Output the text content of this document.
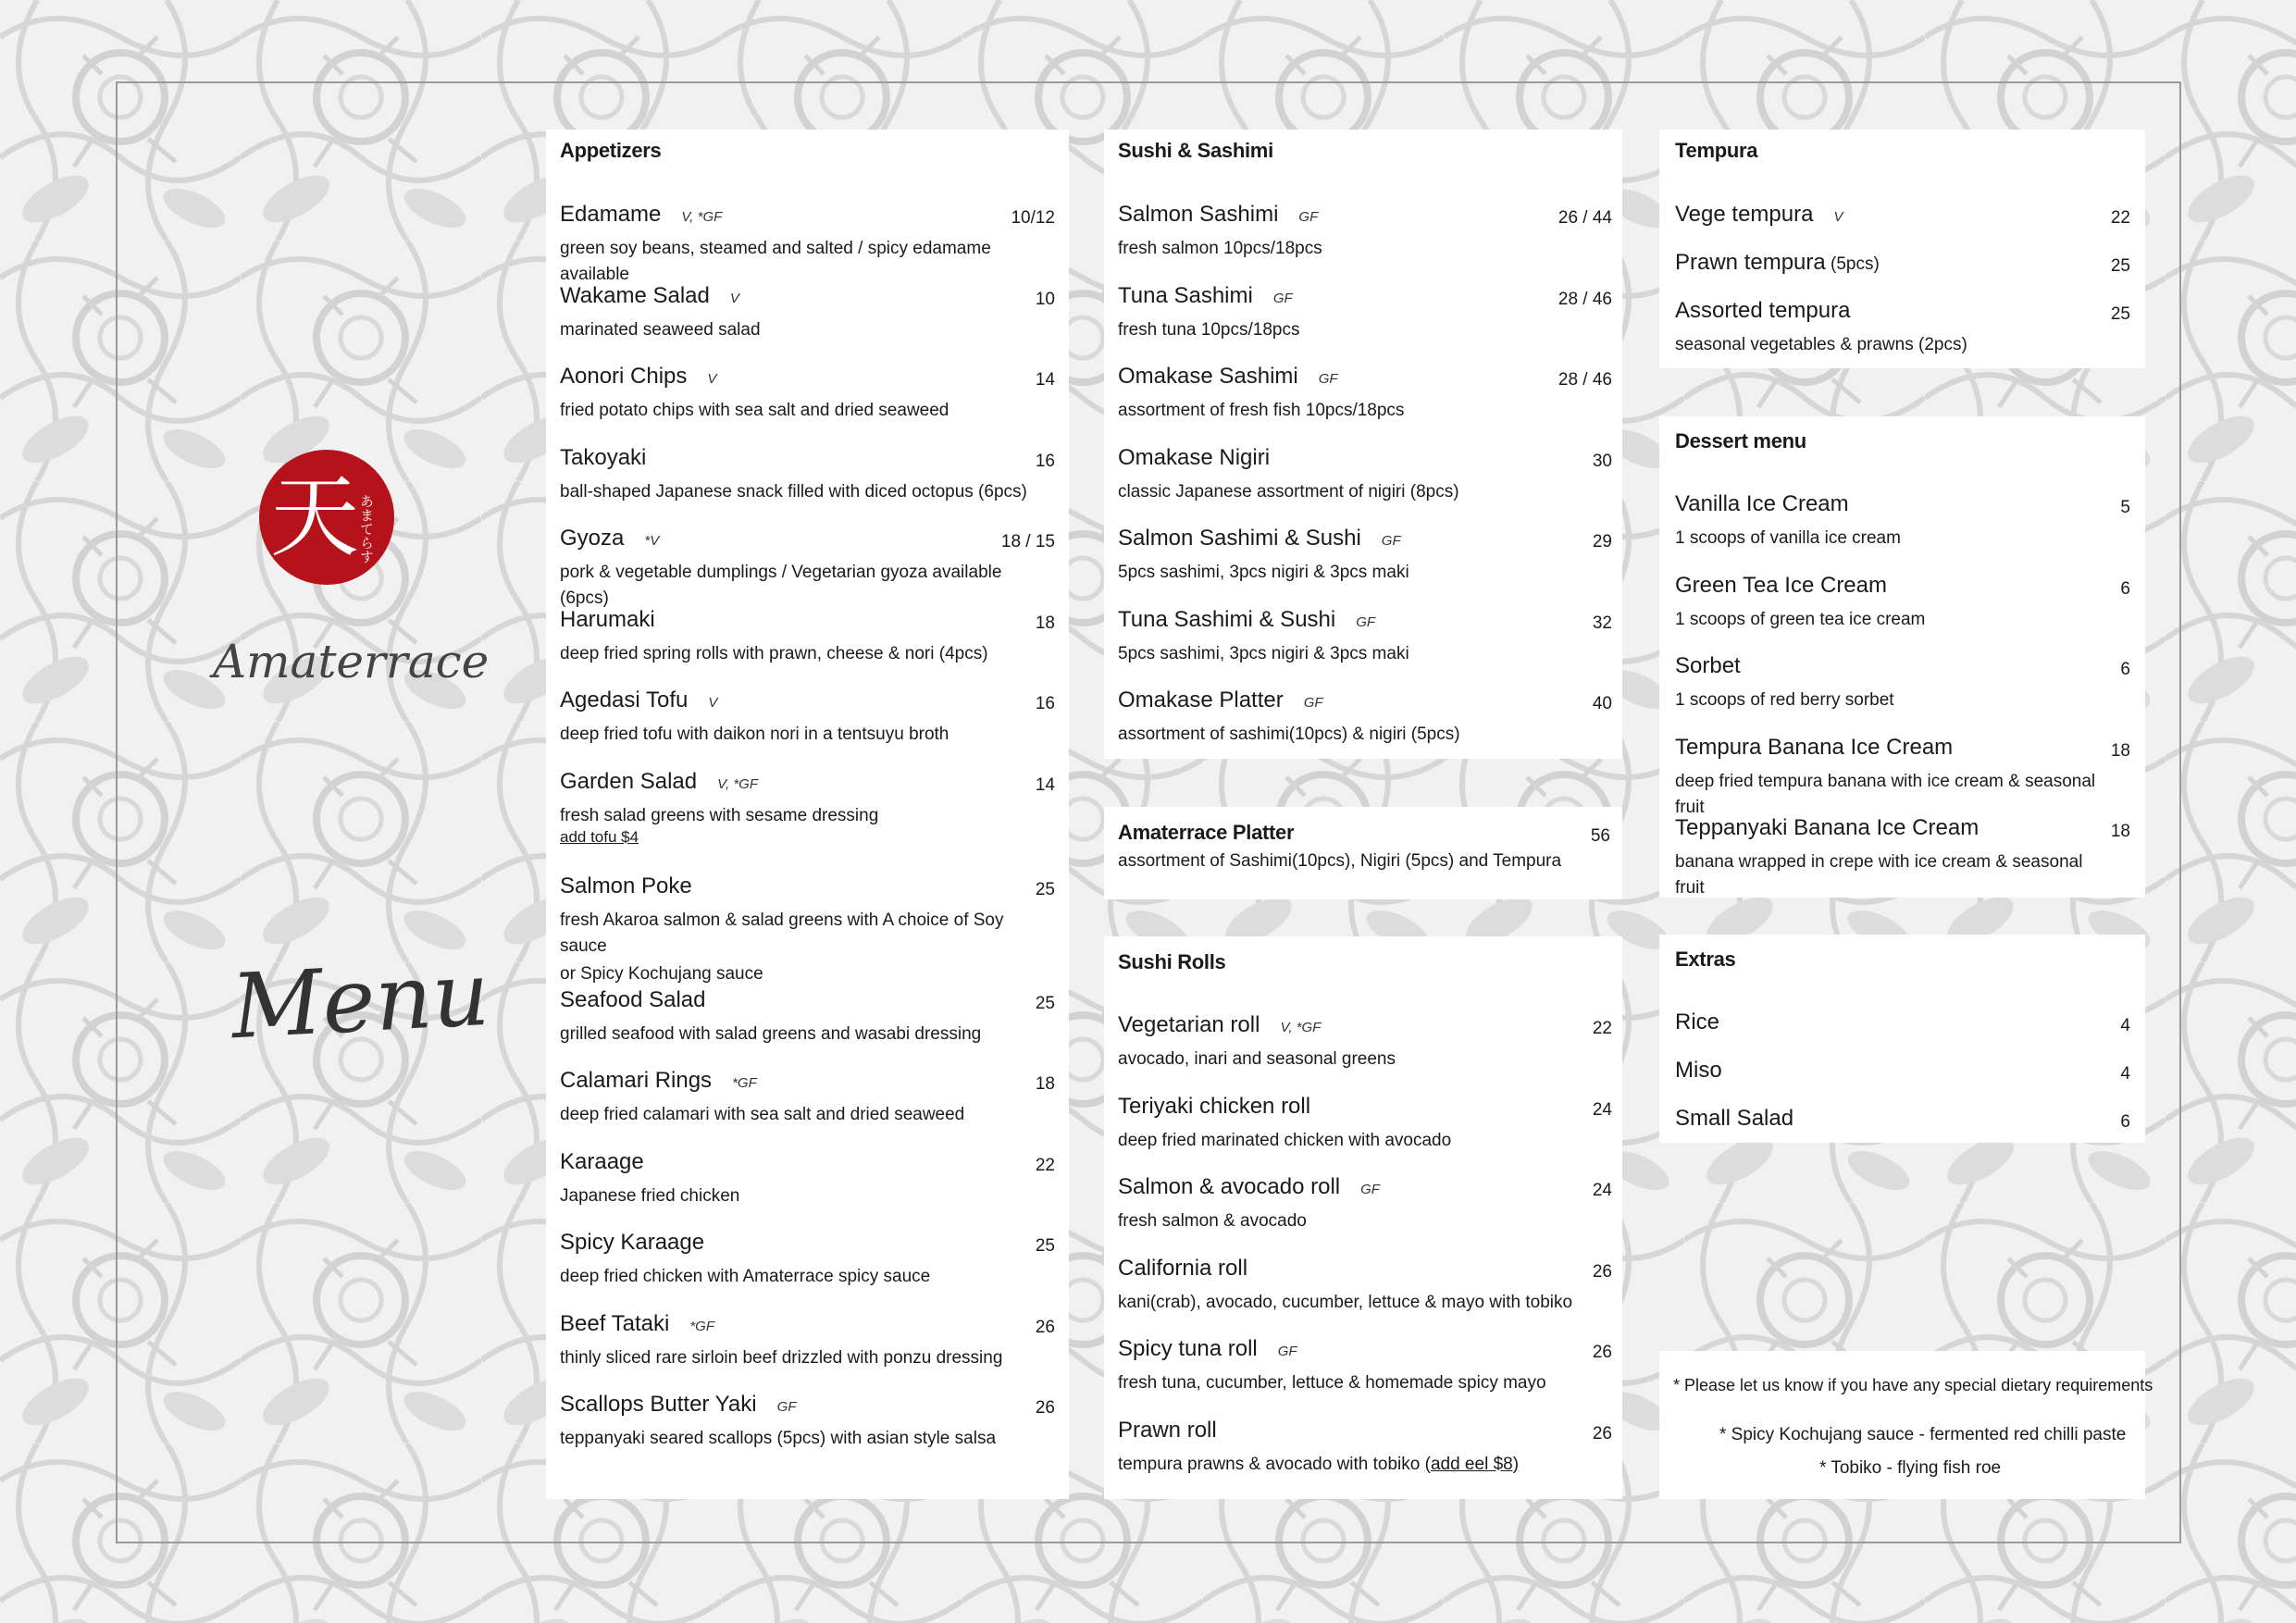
天 あまてらす
Amaterrace
Menu
Appetizers	Sushi & Sashimi
Sushi Rolls
Tempura
Dessert menu
Extras
Amaterrace Platter
assortment of Sashimi(10pcs), Nigiri (5pcs) and Tempura
56
* Please let us know if you have any special dietary requirements
* Spicy Kochujang sauce - fermented red chilli paste
* Tobiko - flying fish roe
Edamame V, *GF
green soy beans, steamed and salted / spicy edamame available
10/12
Wakame Salad V
marinated seaweed salad
10
Aonori Chips V
fried potato chips with sea salt and dried seaweed
14
Takoyaki
ball-shaped Japanese snack filled with diced octopus (6pcs)
16
Gyoza *V
pork & vegetable dumplings / Vegetarian gyoza available (6pcs)
18 / 15
Harumaki
deep fried spring rolls with prawn, cheese & nori (4pcs)
18
Agedasi Tofu V
deep fried tofu with daikon nori in a tentsuyu broth
16
Garden Salad V, *GF
fresh salad greens with sesame dressing
add tofu $4
14
Salmon Poke
fresh Akaroa salmon & salad greens with A choice of Soy sauce
or Spicy Kochujang sauce
25
Seafood Salad
grilled seafood with salad greens and wasabi dressing
25
Calamari Rings *GF
deep fried calamari with sea salt and dried seaweed
18
Karaage
Japanese fried chicken
22
Spicy Karaage
deep fried chicken with Amaterrace spicy sauce
25
Beef Tataki *GF
thinly sliced rare sirloin beef drizzled with ponzu dressing
26
Scallops Butter Yaki GF
teppanyaki seared scallops (5pcs) with asian style salsa
26
Salmon Sashimi GF
fresh salmon 10pcs/18pcs
26 / 44
Tuna Sashimi GF
fresh tuna 10pcs/18pcs
28 / 46
Omakase Sashimi GF
assortment of fresh fish 10pcs/18pcs
28 / 46
Omakase Nigiri
classic Japanese assortment of nigiri (8pcs)
30
Salmon Sashimi & Sushi GF
5pcs sashimi, 3pcs nigiri & 3pcs maki
29
Tuna Sashimi & Sushi GF
5pcs sashimi, 3pcs nigiri & 3pcs maki
32
Omakase Platter GF
assortment of sashimi(10pcs) & nigiri (5pcs)
40
Vegetarian roll V, *GF
avocado, inari and seasonal greens
22
Teriyaki chicken roll
deep fried marinated chicken with avocado
24
Salmon & avocado roll GF
fresh salmon & avocado
24
California roll
kani(crab), avocado, cucumber, lettuce & mayo with tobiko
26
Spicy tuna roll GF
fresh tuna, cucumber, lettuce & homemade spicy mayo
26
Prawn roll
tempura prawns & avocado with tobiko (add eel $8)
26
Vege tempura V	22
Prawn tempura (5pcs)	25
Assorted tempura
seasonal vegetables & prawns (2pcs)
25
Vanilla Ice Cream
1 scoops of vanilla ice cream
5
Green Tea Ice Cream
1 scoops of green tea ice cream
6
Sorbet
1 scoops of red berry sorbet
6
Tempura Banana Ice Cream
deep fried tempura banana with ice cream & seasonal fruit
18
Teppanyaki Banana Ice Cream
banana wrapped in crepe with ice cream & seasonal fruit
18
Rice	4
Miso	4
Small Salad	6
